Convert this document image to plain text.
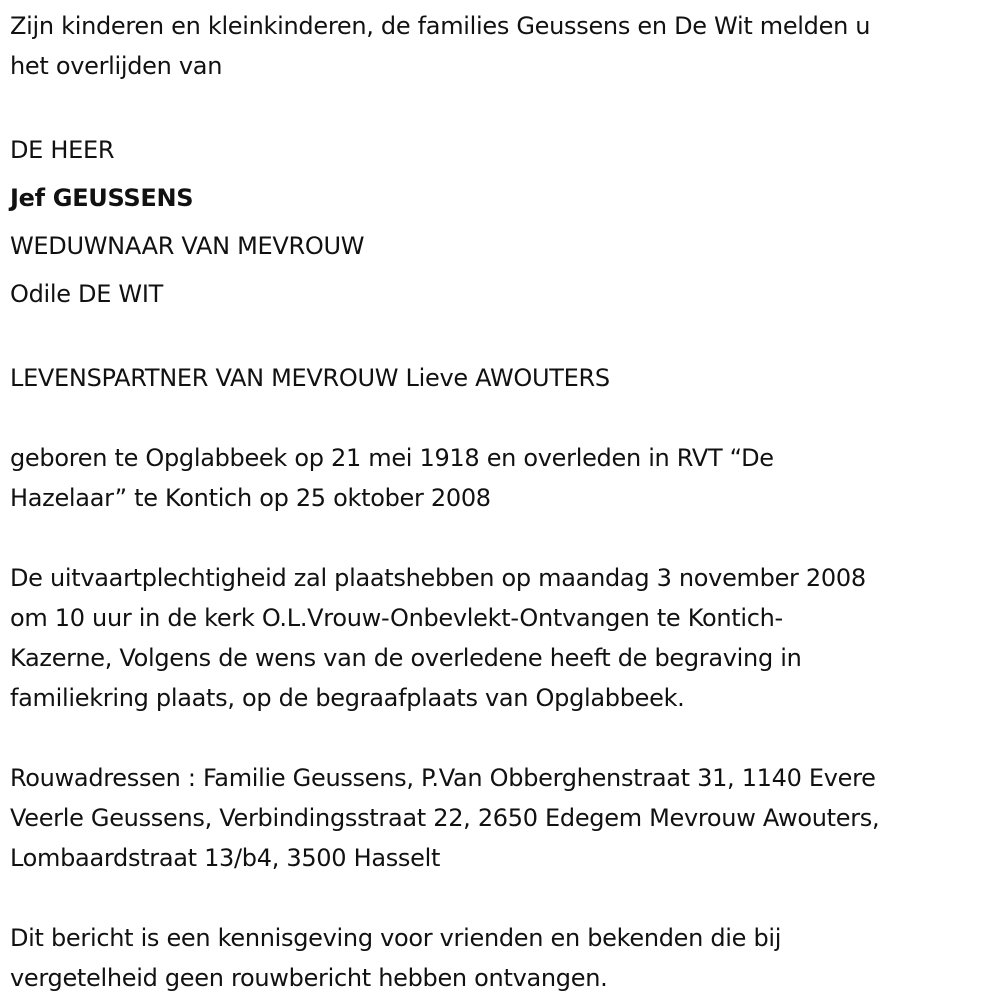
Zijn kinderen en kleinkinderen, de families Geussens en De Wit melden u
het overlijden van
DE HEER
Jef GEUSSENS
WEDUWNAAR VAN MEVROUW
Odile DE WIT
LEVENSPARTNER VAN MEVROUW Lieve AWOUTERS
geboren te Opglabbeek op 21 mei 1918 en overleden in RVT “De
Hazelaar” te Kontich op 25 oktober 2008
De uitvaartplechtigheid zal plaatshebben op maandag 3 november 2008
om 10 uur in de kerk O.L.Vrouw-Onbevlekt-Ontvangen te Kontich-
Kazerne, Volgens de wens van de overledene heeft de begraving in
familiekring plaats, op de begraafplaats van Opglabbeek.
Rouwadressen : Familie Geussens, P.Van Obberghenstraat 31, 1140 Evere
Veerle Geussens, Verbindingsstraat 22, 2650 Edegem Mevrouw Awouters,
Lombaardstraat 13/b4, 3500 Hasselt
Dit bericht is een kennisgeving voor vrienden en bekenden die bij
vergetelheid geen rouwbericht hebben ontvangen.
